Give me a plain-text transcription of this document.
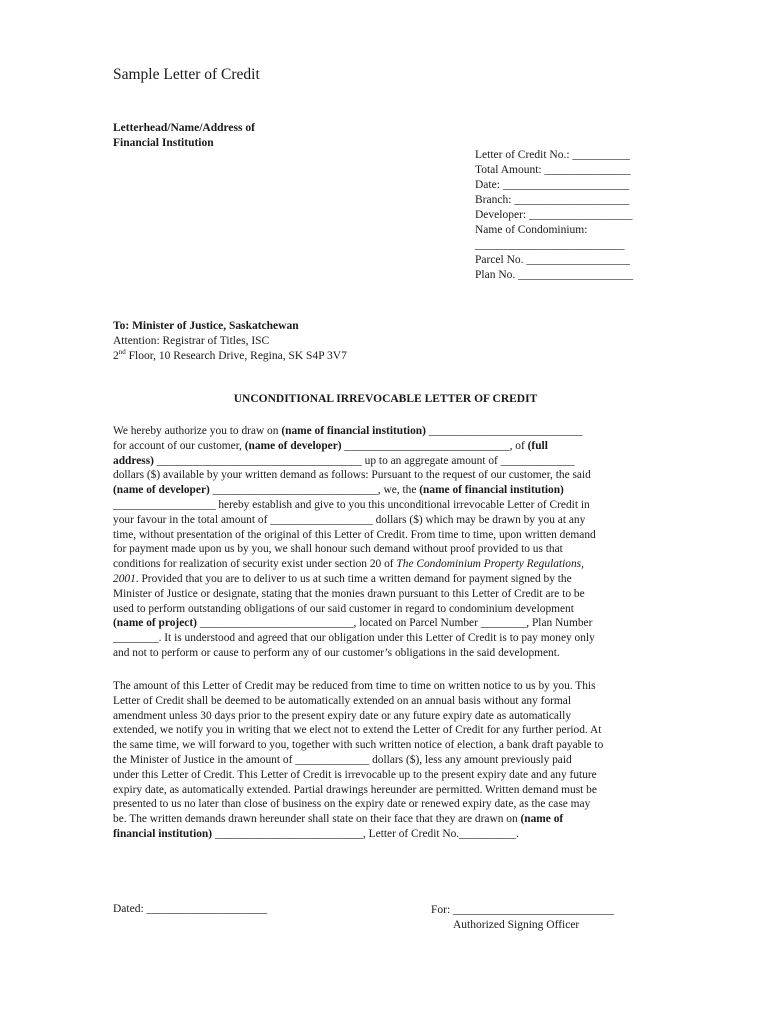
Sample Letter of Credit
Letterhead/Name/Address of
Financial Institution
Letter of Credit No.: __________
Total Amount: _______________
Date: ______________________
Branch: ____________________
Developer: __________________
Name of Condominium:
__________________________
Parcel No. __________________
Plan No. ____________________
To: Minister of Justice, Saskatchewan
Attention: Registrar of Titles, ISC
2nd Floor, 10 Research Drive, Regina, SK S4P 3V7
UNCONDITIONAL IRREVOCABLE LETTER OF CREDIT
We hereby authorize you to draw on (name of financial institution) ___________________________
for account of our customer, (name of developer) _____________________________, of (full
address) ____________________________________ up to an aggregate amount of _____________
dollars ($) available by your written demand as follows: Pursuant to the request of our customer, the said
(name of developer) _____________________________, we, the (name of financial institution)
__________________ hereby establish and give to you this unconditional irrevocable Letter of Credit in
your favour in the total amount of __________________ dollars ($) which may be drawn by you at any
time, without presentation of the original of this Letter of Credit. From time to time, upon written demand
for payment made upon us by you, we shall honour such demand without proof provided to us that
conditions for realization of security exist under section 20 of The Condominium Property Regulations,
2001. Provided that you are to deliver to us at such time a written demand for payment signed by the
Minister of Justice or designate, stating that the monies drawn pursuant to this Letter of Credit are to be
used to perform outstanding obligations of our said customer in regard to condominium development
(name of project) ___________________________, located on Parcel Number ________, Plan Number
________. It is understood and agreed that our obligation under this Letter of Credit is to pay money only
and not to perform or cause to perform any of our customer’s obligations in the said development.
The amount of this Letter of Credit may be reduced from time to time on written notice to us by you. This
Letter of Credit shall be deemed to be automatically extended on an annual basis without any formal
amendment unless 30 days prior to the present expiry date or any future expiry date as automatically
extended, we notify you in writing that we elect not to extend the Letter of Credit for any further period. At
the same time, we will forward to you, together with such written notice of election, a bank draft payable to
the Minister of Justice in the amount of _____________ dollars ($), less any amount previously paid
under this Letter of Credit. This Letter of Credit is irrevocable up to the present expiry date and any future
expiry date, as automatically extended. Partial drawings hereunder are permitted. Written demand must be
presented to us no later than close of business on the expiry date or renewed expiry date, as the case may
be. The written demands drawn hereunder shall state on their face that they are drawn on (name of
financial institution) __________________________, Letter of Credit No.__________.
Dated: _____________________	For: ____________________________
Authorized Signing Officer
